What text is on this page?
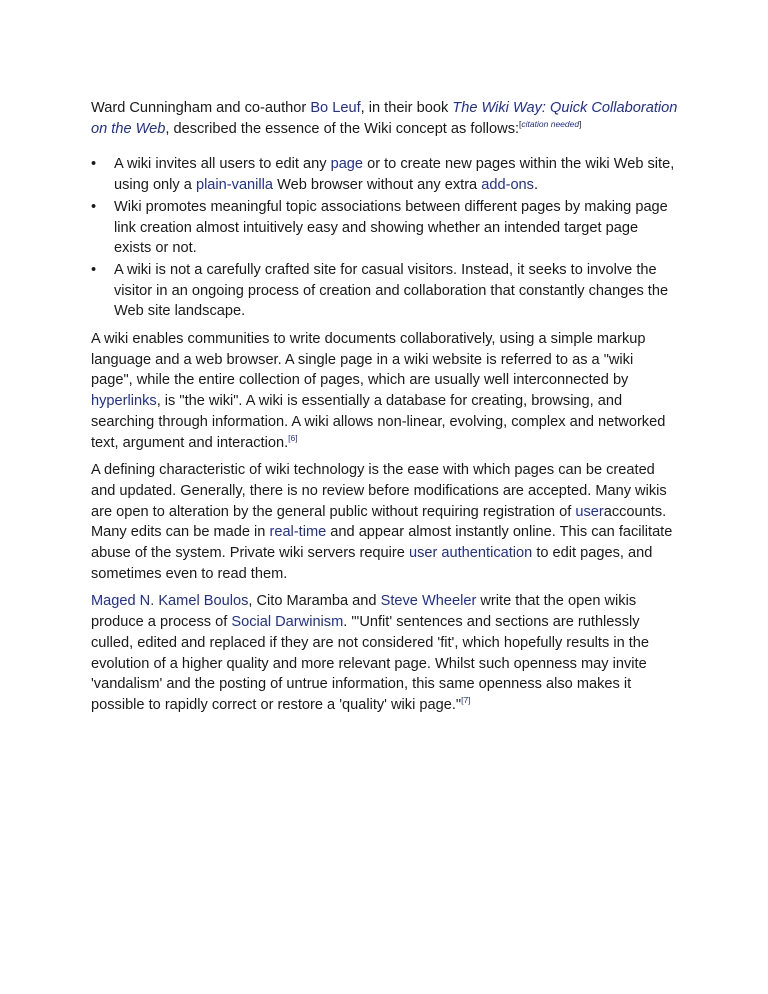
Ward Cunningham and co-author Bo Leuf, in their book The Wiki Way: Quick Collaboration on the Web, described the essence of the Wiki concept as follows:[citation needed]

• A wiki invites all users to edit any page or to create new pages within the wiki Web site, using only a plain-vanilla Web browser without any extra add-ons.
• Wiki promotes meaningful topic associations between different pages by making page link creation almost intuitively easy and showing whether an intended target page exists or not.
• A wiki is not a carefully crafted site for casual visitors. Instead, it seeks to involve the visitor in an ongoing process of creation and collaboration that constantly changes the Web site landscape.

A wiki enables communities to write documents collaboratively, using a simple markup language and a web browser. A single page in a wiki website is referred to as a "wiki page", while the entire collection of pages, which are usually well interconnected by hyperlinks, is "the wiki". A wiki is essentially a database for creating, browsing, and searching through information. A wiki allows non-linear, evolving, complex and networked text, argument and interaction.[6]

A defining characteristic of wiki technology is the ease with which pages can be created and updated. Generally, there is no review before modifications are accepted. Many wikis are open to alteration by the general public without requiring registration of useraccounts. Many edits can be made in real-time and appear almost instantly online. This can facilitate abuse of the system. Private wiki servers require user authentication to edit pages, and sometimes even to read them.

Maged N. Kamel Boulos, Cito Maramba and Steve Wheeler write that the open wikis produce a process of Social Darwinism. "'Unfit' sentences and sections are ruthlessly culled, edited and replaced if they are not considered 'fit', which hopefully results in the evolution of a higher quality and more relevant page. Whilst such openness may invite 'vandalism' and the posting of untrue information, this same openness also makes it possible to rapidly correct or restore a 'quality' wiki page."[7]
